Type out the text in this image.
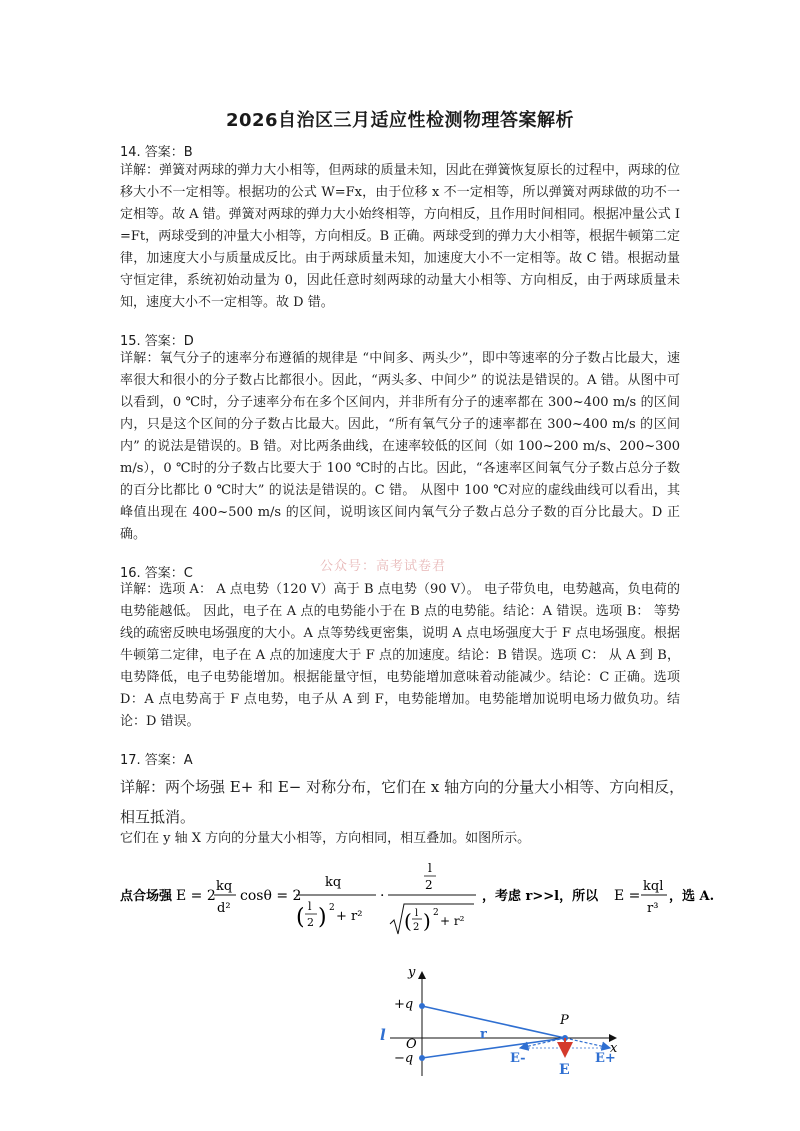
2026自治区三月适应性检测物理答案解析
14. 答案：B

详解：弹簧对两球的弹力大小相等，但两球的质量未知，因此在弹簧恢复原长的过程中，两球的位移大小不一定相等。根据功的公式 W=Fx，由于位移 x 不一定相等，所以弹簧对两球做的功不一定相等。故 A 错。弹簧对两球的弹力大小始终相等，方向相反，且作用时间相同。根据冲量公式 I=Ft，两球受到的冲量大小相等，方向相反。B 正确。两球受到的弹力大小相等，根据牛顿第二定律，加速度大小与质量成反比。由于两球质量未知，加速度大小不一定相等。故 C 错。根据动量守恒定律，系统初始动量为 0，因此任意时刻两球的动量大小相等、方向相反，由于两球质量未知，速度大小不一定相等。故 D 错。

15. 答案：D

详解：氧气分子的速率分布遵循的规律是 “中间多、两头少”，即中等速率的分子数占比最大，速率很大和很小的分子数占比都很小。因此，“两头多、中间少” 的说法是错误的。A 错。从图中可以看到，0 ℃时，分子速率分布在多个区间内，并非所有分子的速率都在 300~400 m/s 的区间内，只是这个区间的分子数占比最大。因此，“所有氧气分子的速率都在 300~400 m/s 的区间内” 的说法是错误的。B 错。对比两条曲线，在速率较低的区间（如 100~200 m/s、200~300 m/s），0 ℃时的分子数占比要大于 100 ℃时的占比。因此，“各速率区间氧气分子数占总分子数的百分比都比 0 ℃时大” 的说法是错误的。C 错。 从图中 100 ℃对应的虚线曲线可以看出，其峰值出现在 400~500 m/s 的区间，说明该区间内氧气分子数占总分子数的百分比最大。D 正确。

公众号：高考试卷君
16. 答案：C

详解：选项 A： A 点电势（120 V）高于 B 点电势（90 V）。 电子带负电，电势越高，负电荷的电势能越低。 因此，电子在 A 点的电势能小于在 B 点的电势能。结论：A 错误。选项 B： 等势线的疏密反映电场强度的大小。A 点等势线更密集，说明 A 点电场强度大于 F 点电场强度。根据牛顿第二定律，电子在 A 点的加速度大于 F 点的加速度。结论：B 错误。选项 C： 从 A 到 B，电势降低，电子电势能增加。根据能量守恒，电势能增加意味着动能减少。结论：C 正确。选项 D：A 点电势高于 F 点电势，电子从 A 到 F，电势能增加。电势能增加说明电场力做负功。结论：D 错误。

17. 答案：A
详解：两个场强 E+ 和 E− 对称分布，它们在 x 轴方向的分量大小相等、方向相反，相互抵消。
它们在 y 轴 X 方向的分量大小相等，方向相同，相互叠加。如图所示。
点合场强 E = 2
kq
d²
cosθ = 2
kq
( l
2 ) 2
+ r²
·
l
2
( l
2 ) 2
+ r²
，考虑 r>>l，所以 E =
kql
r³
，选 A.
y
x
+q
−q
O
l	r
P
E-	E+
E
